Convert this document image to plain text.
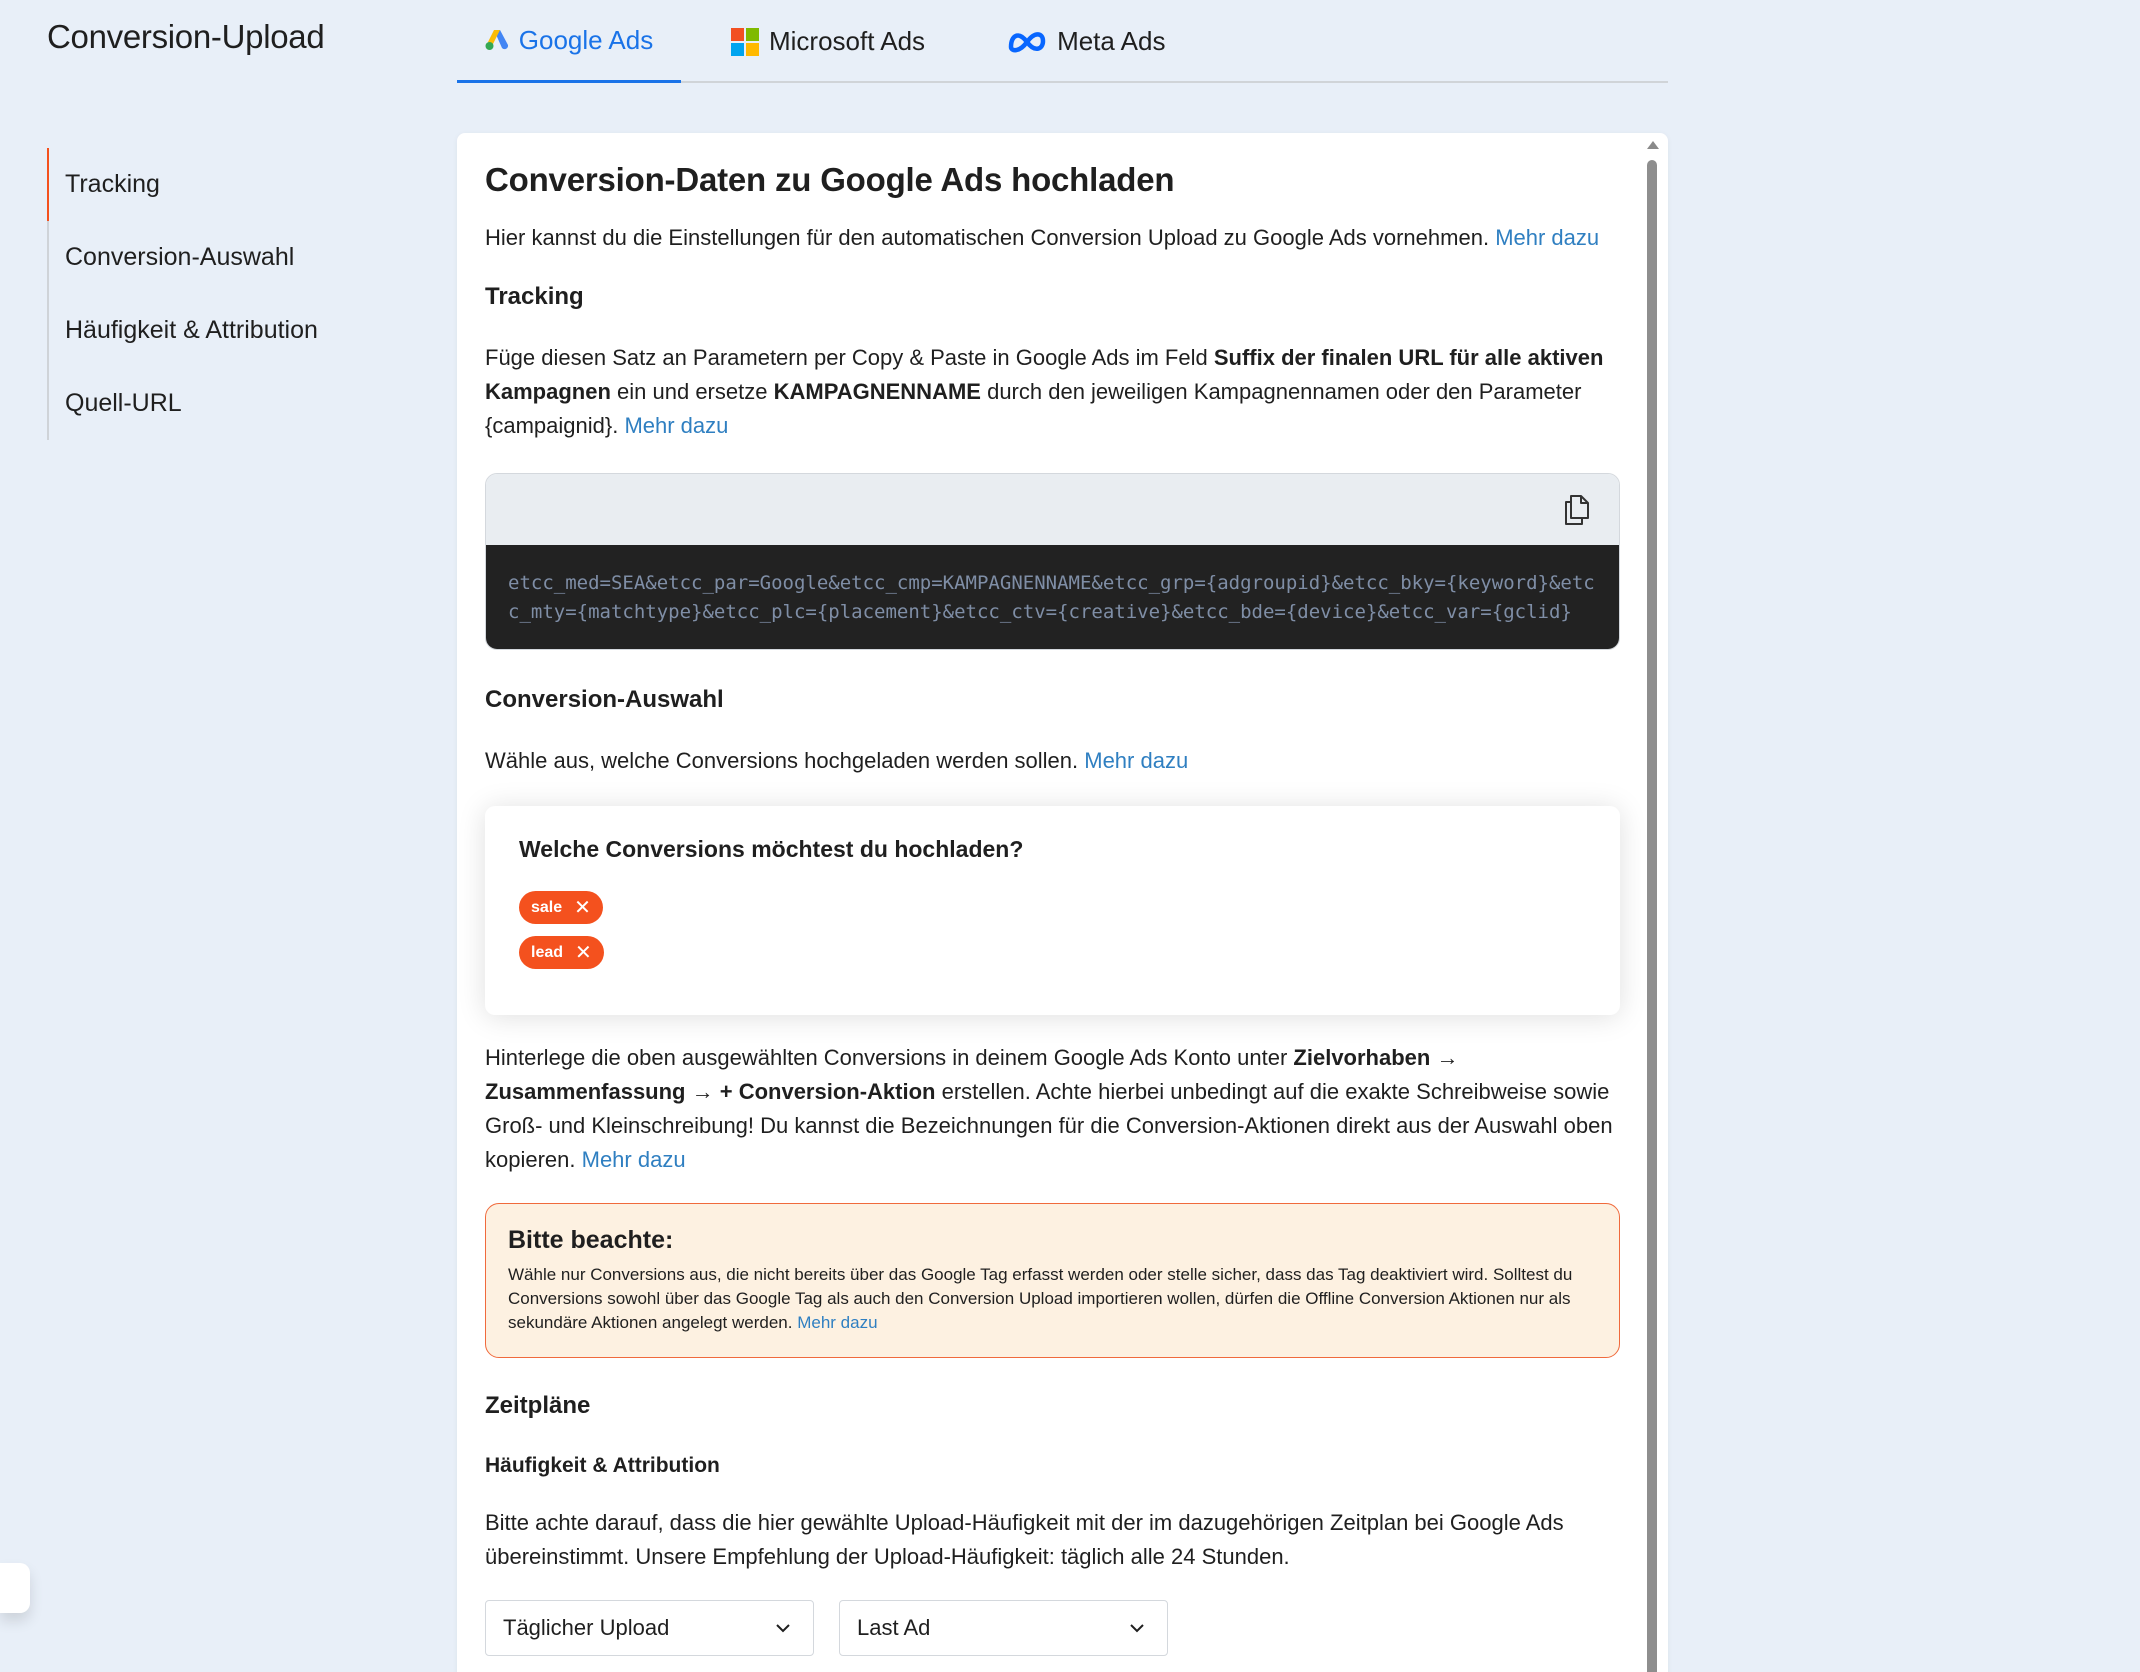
Conversion-Upload	Google Ads	Microsoft Ads	Meta Ads
Tracking
Conversion-Auswahl
Häufigkeit & Attribution
Quell-URL
Conversion-Daten zu Google Ads hochladen

Hier kannst du die Einstellungen für den automatischen Conversion Upload zu Google Ads vornehmen. Mehr dazu

Tracking

Füge diesen Satz an Parametern per Copy & Paste in Google Ads im Feld Suffix der finalen URL für alle aktiven Kampagnen ein und ersetze KAMPAGNENNAME durch den jeweiligen Kampagnennamen oder den Parameter {campaignid}. Mehr dazu

etcc_med=SEA&etcc_par=Google&etcc_cmp=KAMPAGNENNAME&etcc_grp={adgroupid}&etcc_bky={keyword}&etcc_mty={matchtype}&etcc_plc={placement}&etcc_ctv={creative}&etcc_bde={device}&etcc_var={gclid}
Conversion-Auswahl

Wähle aus, welche Conversions hochgeladen werden sollen. Mehr dazu

Welche Conversions möchtest du hochladen?
sale ✕
lead ✕

Hinterlege die oben ausgewählten Conversions in deinem Google Ads Konto unter Zielvorhaben → Zusammenfassung → + Conversion-Aktion erstellen. Achte hierbei unbedingt auf die exakte Schreibweise sowie Groß- und Kleinschreibung! Du kannst die Bezeichnungen für die Conversion-Aktionen direkt aus der Auswahl oben kopieren. Mehr dazu

Bitte beachte:

Wähle nur Conversions aus, die nicht bereits über das Google Tag erfasst werden oder stelle sicher, dass das Tag deaktiviert wird. Solltest du Conversions sowohl über das Google Tag als auch den Conversion Upload importieren wollen, dürfen die Offline Conversion Aktionen nur als sekundäre Aktionen angelegt werden. Mehr dazu

Zeitpläne
Häufigkeit & Attribution

Bitte achte darauf, dass die hier gewählte Upload-Häufigkeit mit der im dazugehörigen Zeitplan bei Google Ads übereinstimmt. Unsere Empfehlung der Upload-Häufigkeit: täglich alle 24 Stunden.

Täglicher Upload	Last Ad
